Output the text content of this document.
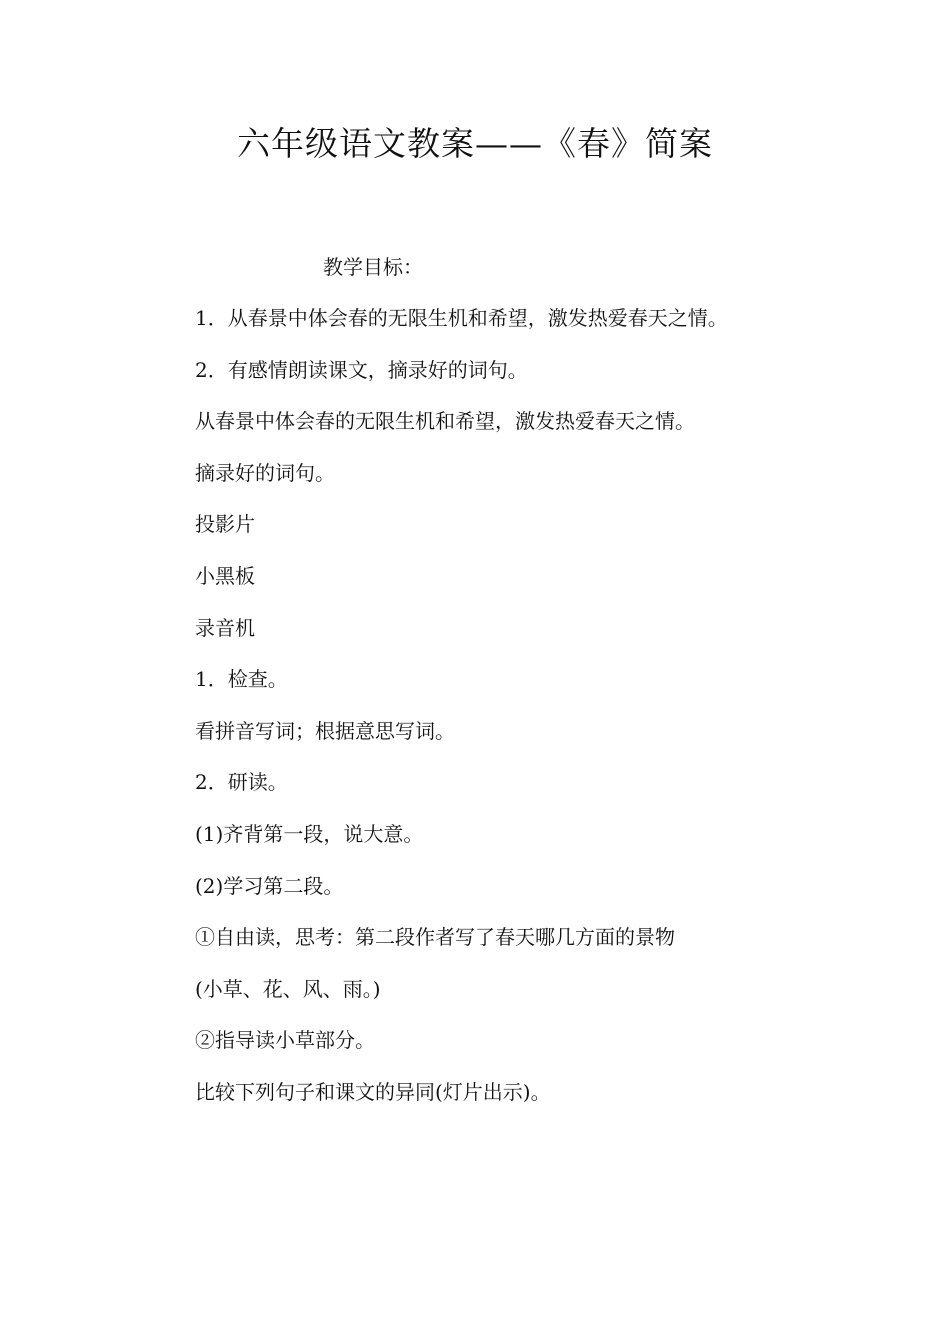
六年级语文教案——《春》简案
教学目标：
1．从春景中体会春的无限生机和希望，激发热爱春天之情。
2．有感情朗读课文，摘录好的词句。
从春景中体会春的无限生机和希望，激发热爱春天之情。
摘录好的词句。
投影片
小黑板
录音机
1．检查。
看拼音写词；根据意思写词。
2．研读。
(1)齐背第一段，说大意。
(2)学习第二段。
①自由读，思考：第二段作者写了春天哪几方面的景物
(小草、花、风、雨。)
②指导读小草部分。
比较下列句子和课文的异同(灯片出示)。
